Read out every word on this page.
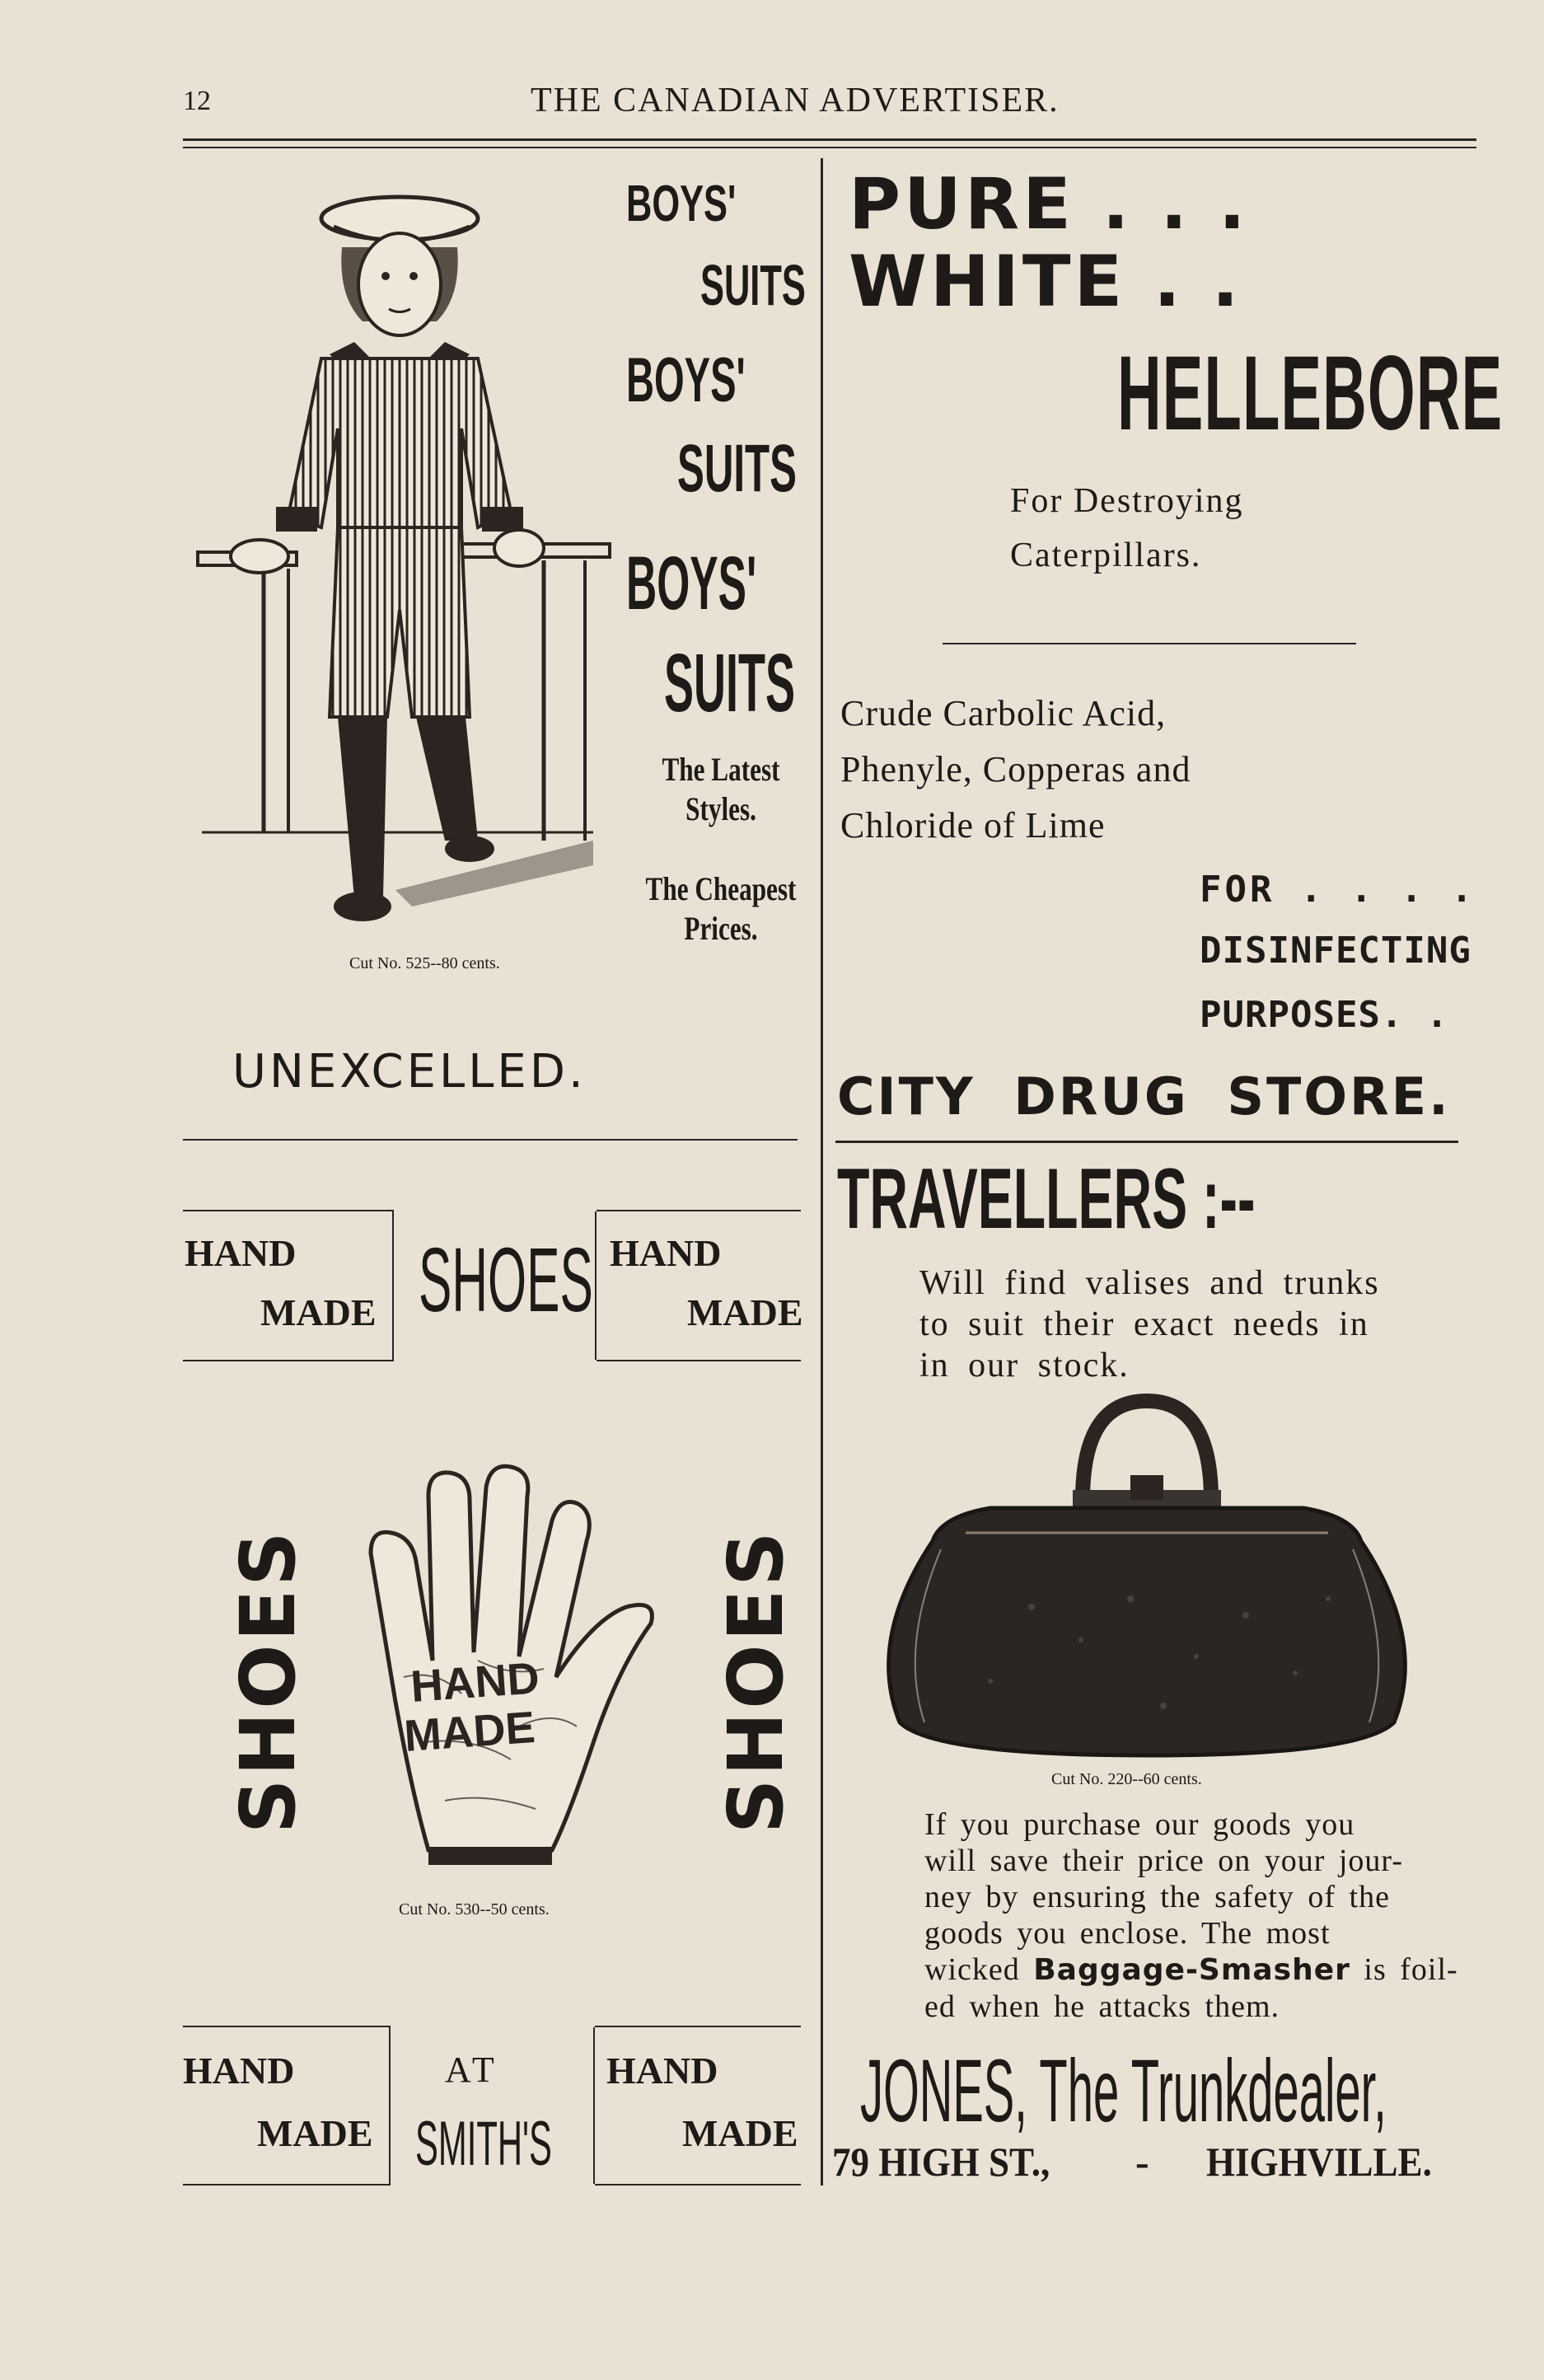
12	THE CANADIAN ADVERTISER.
Cut No. 525--80 cents.
BOYS'
SUITS
BOYS'
SUITS
BOYS'
SUITS
The Latest
Styles.
The Cheapest
Prices.
UNEXCELLED.
HAND
MADE SHOES HAND
MADE
SHOES	SHOES
HAND
MADE
Cut No. 530--50 cents.
HAND
MADE
AT
SMITH'S
HAND
MADE
PURE . . .
WHITE . .
HELLEBORE
For Destroying
Caterpillars.
Crude Carbolic Acid,
Phenyle, Copperas and
Chloride of Lime
FOR . . . .
DISINFECTING
PURPOSES. .
CITY DRUG STORE.
TRAVELLERS :--
Will find valises and trunks
to suit their exact needs in
in our stock.
Cut No. 220--60 cents.
If you purchase our goods you
will save their price on your jour-
ney by ensuring the safety of the
goods you enclose. The most
wicked Baggage-Smasher is foil-
ed when he attacks them.
JONES, The Trunkdealer,
79 HIGH ST., - HIGHVILLE.
